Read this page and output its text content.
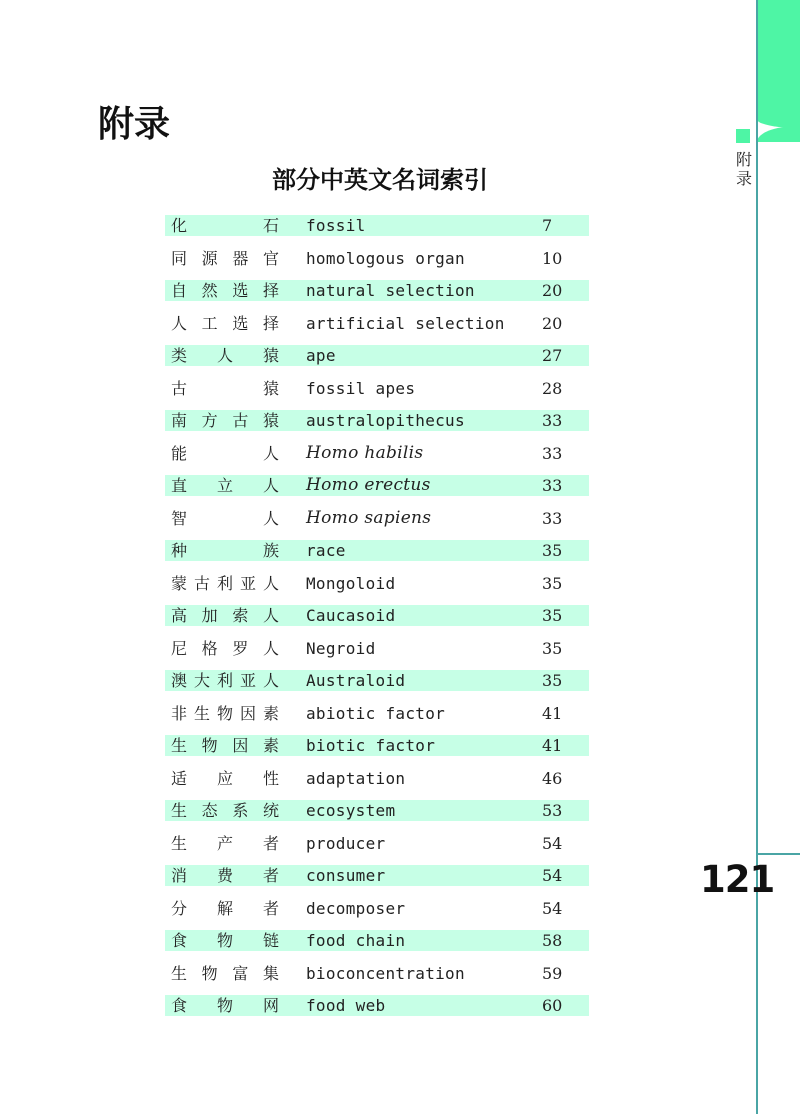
附
录
121
附录
部分中英文名词索引
化	石 fossil	7
同 源 器 官 homologous organ	10
自 然 选 择 natural selection	20
人 工 选 择 artificial selection 20
类 人 猿 ape	27
古	猿 fossil apes	28
南 方 古 猿 australopithecus	33
能	人 Homo habilis	33
直 立 人 Homo erectus	33
智	人 Homo sapiens	33
种	族 race	35
蒙 古 利 亚 人 Mongoloid	35
高 加 索 人 Caucasoid	35
尼 格 罗 人 Negroid	35
澳 大 利 亚 人 Australoid	35
非 生 物 因 素 abiotic factor	41
生 物 因 素 biotic factor	41
适 应 性 adaptation	46
生 态 系 统 ecosystem	53
生 产 者 producer	54
消 费 者 consumer	54
分 解 者 decomposer	54
食 物 链 food chain	58
生 物 富 集 bioconcentration	59
食 物 网 food web	60
